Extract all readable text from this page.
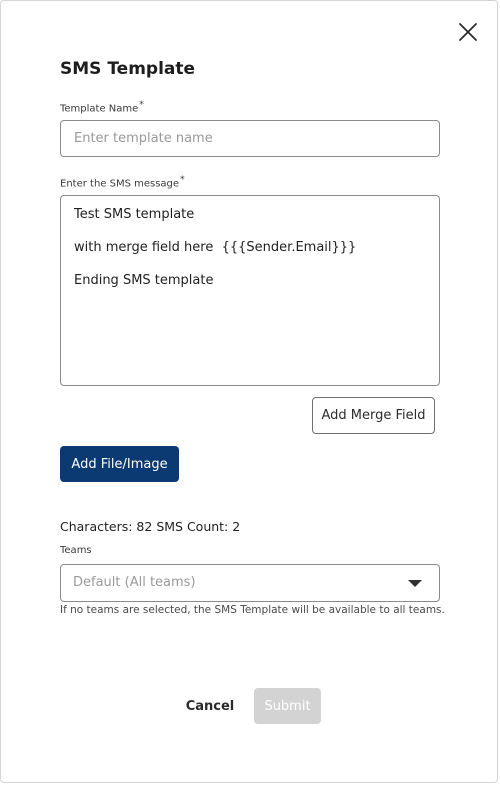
SMS Template
Template Name*
Enter template name
Enter the SMS message*
Test SMS template
with merge field here  {{{Sender.Email}}}
Ending SMS template
Add Merge Field
Add File/Image
Characters: 82 SMS Count: 2
Teams
Default (All teams)
If no teams are selected, the SMS Template will be available to all teams.
Cancel	Submit
